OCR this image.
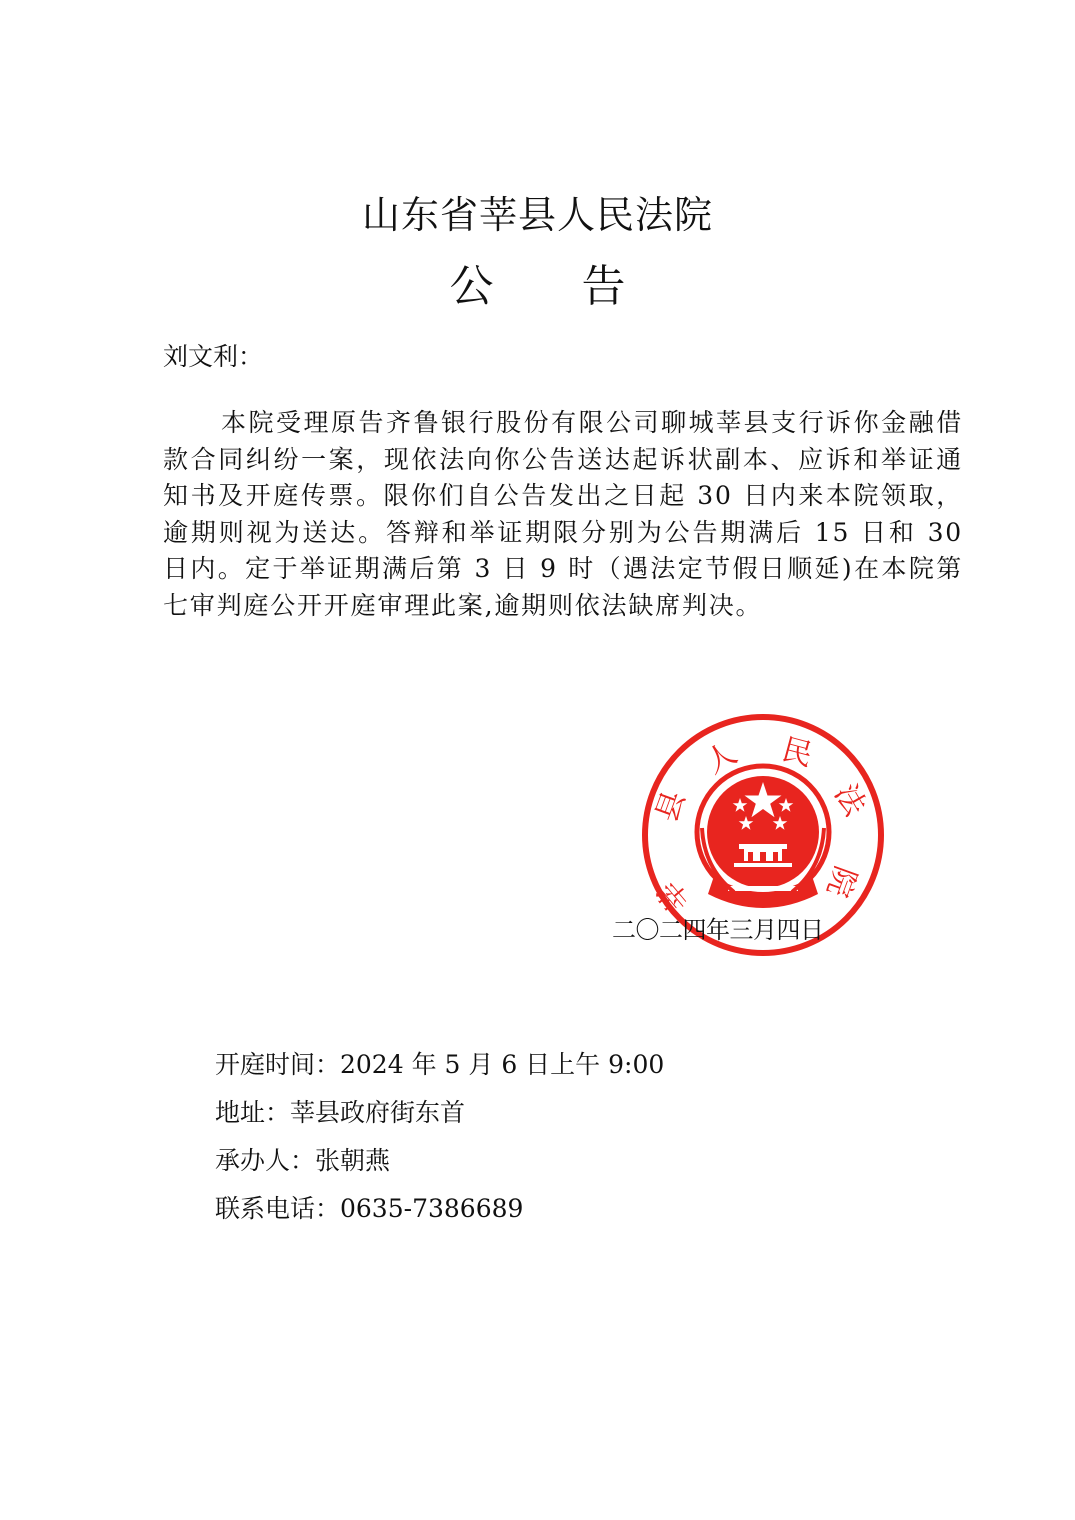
山东省莘县人民法院
公 告
刘文利：
本院受理原告齐鲁银行股份有限公司聊城莘县支行诉你金融借款合同纠纷一案，现依法向你公告送达起诉状副本、应诉和举证通知书及开庭传票。限你们自公告发出之日起 30 日内来本院领取，逾期则视为送达。答辩和举证期限分别为公告期满后 15 日和 30 日内。定于举证期满后第 3 日 9 时（遇法定节假日顺延)在本院第七审判庭公开开庭审理此案,逾期则依法缺席判决。
县
人 民
法
院
莘
二〇二四年三月四日
开庭时间：2024 年 5 月 6 日上午 9:00
地址：莘县政府街东首
承办人：张朝燕
联系电话：0635-7386689
